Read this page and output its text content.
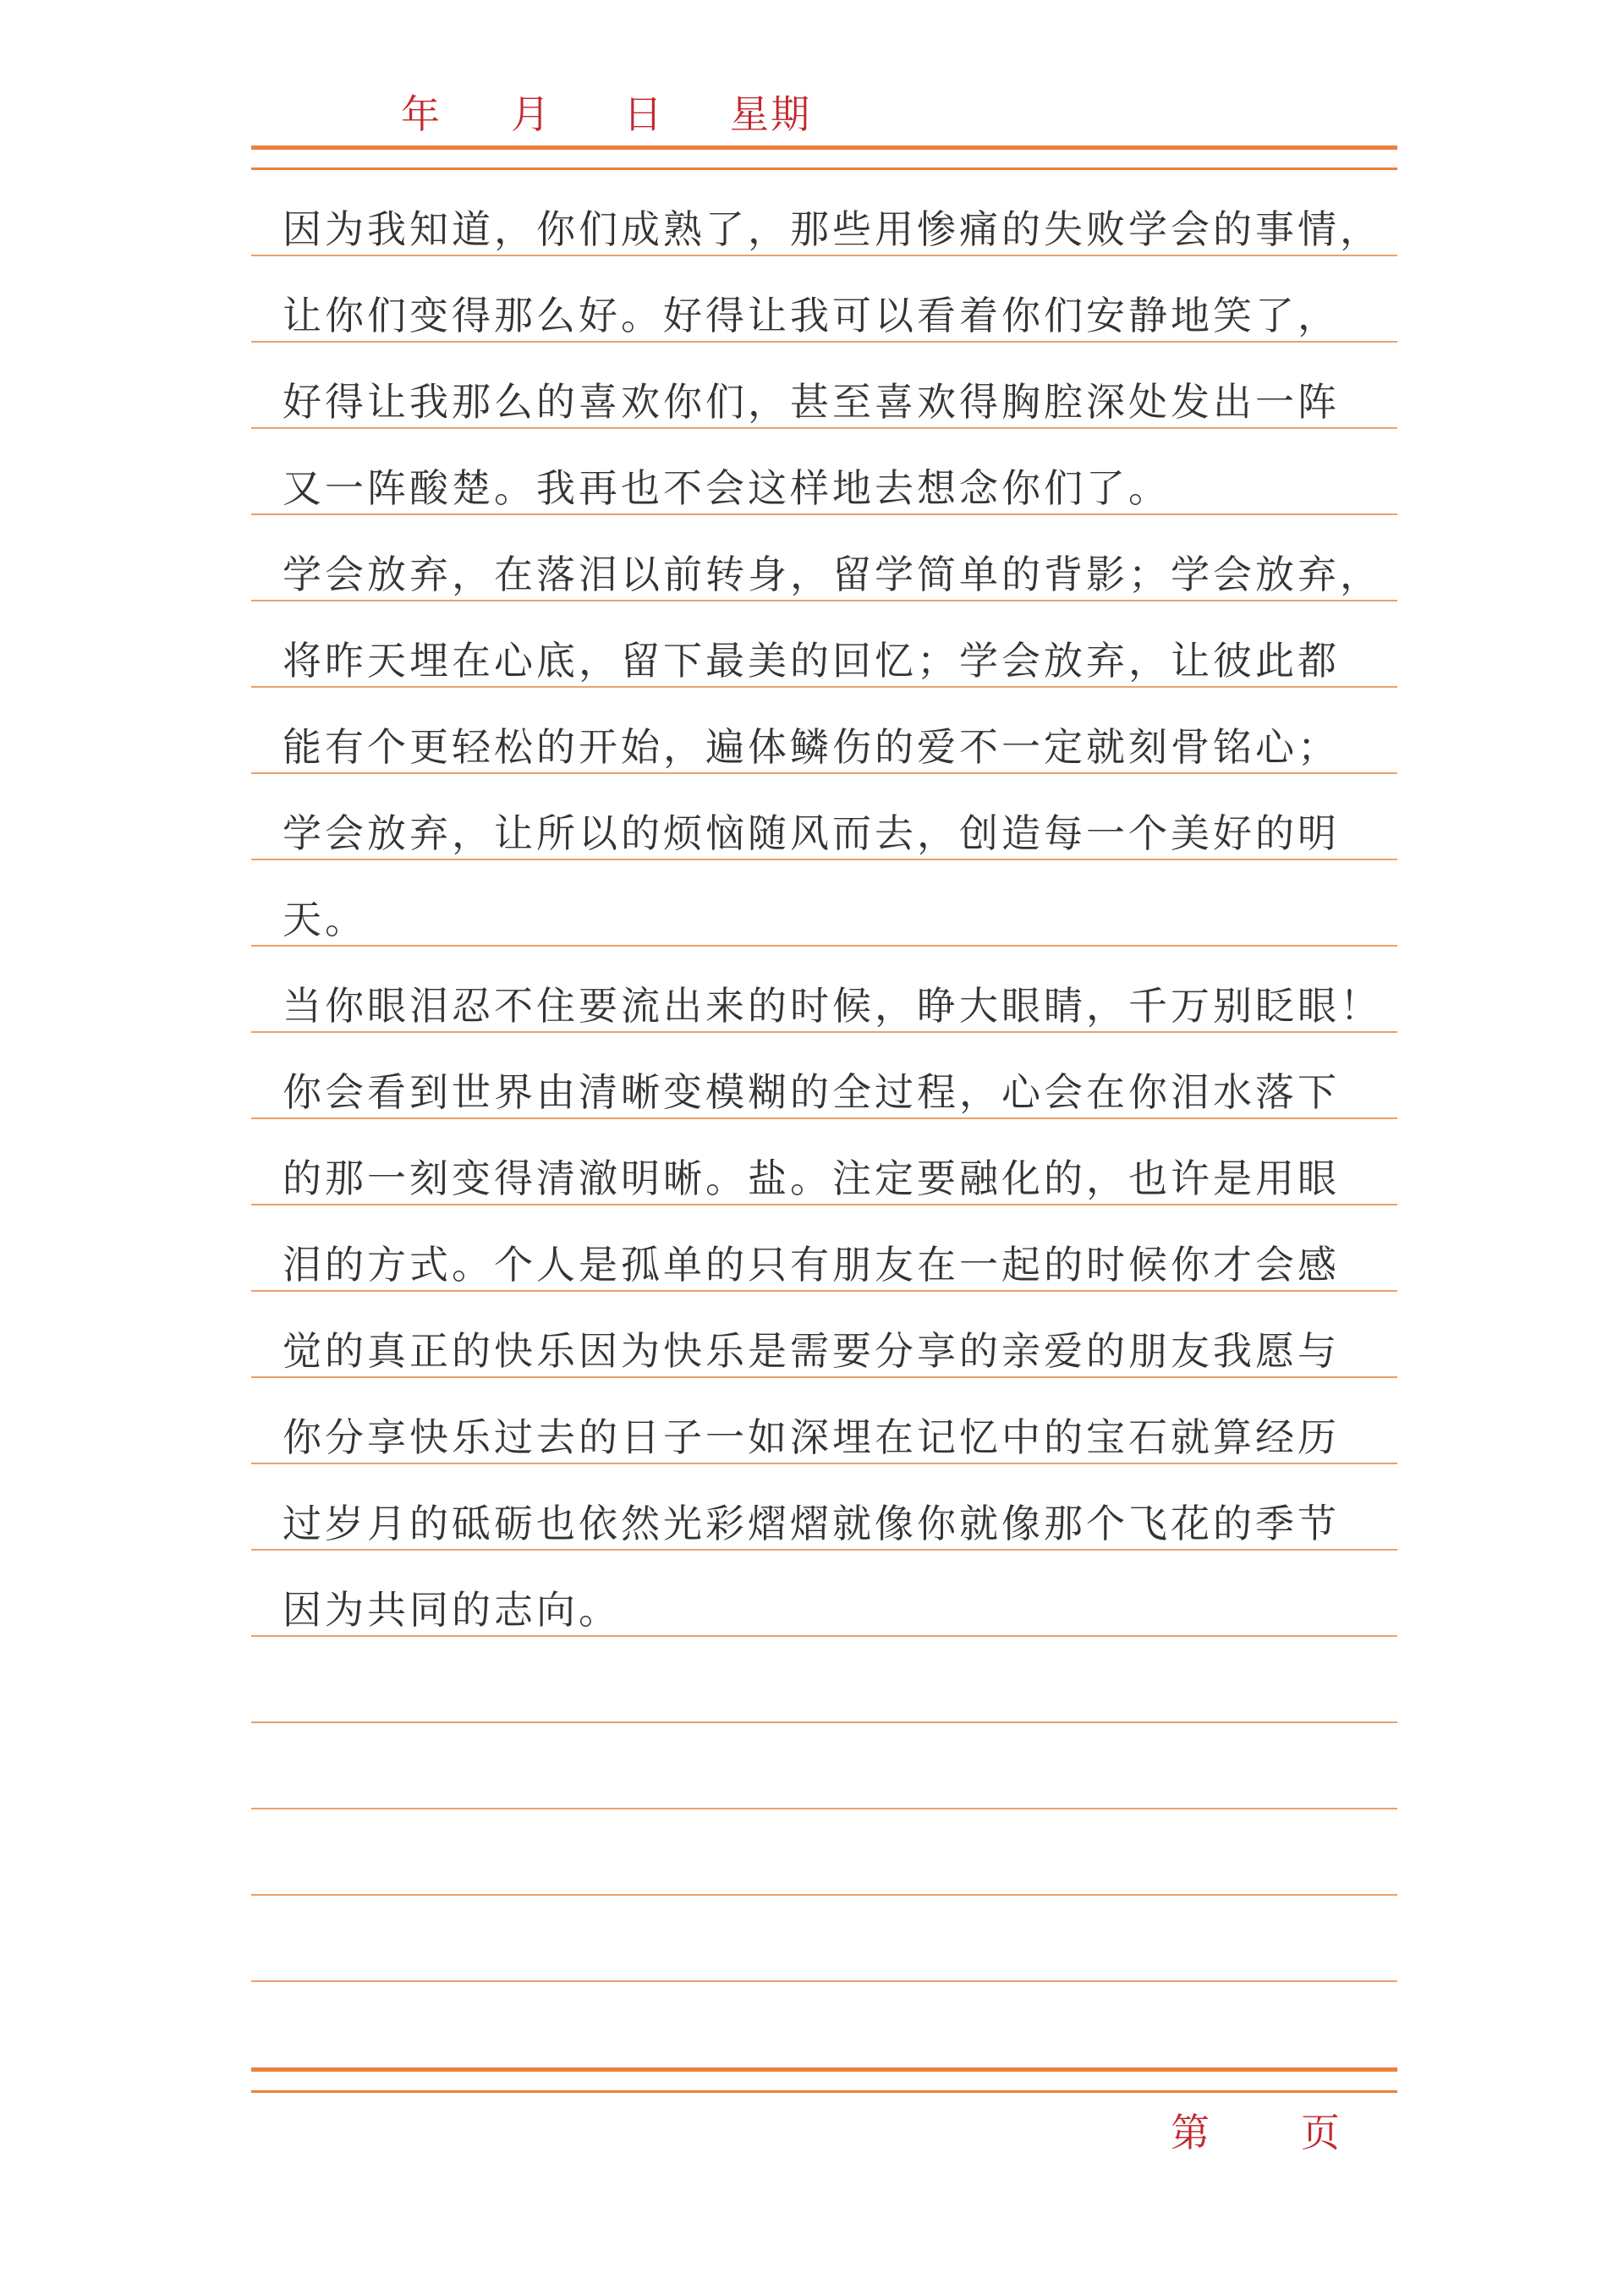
年 月 日 星期
因为我知道，你们成熟了，那些用惨痛的失败学会的事情，
让你们变得那么好。好得让我可以看着你们安静地笑了，
好得让我那么的喜欢你们，甚至喜欢得胸腔深处发出一阵
又一阵酸楚。我再也不会这样地去想念你们了。
学会放弃，在落泪以前转身，留学简单的背影；学会放弃，
将昨天埋在心底，留下最美的回忆；学会放弃，让彼此都
能有个更轻松的开始，遍体鳞伤的爱不一定就刻骨铭心；
学会放弃，让所以的烦恼随风而去，创造每一个美好的明
天。
当你眼泪忍不住要流出来的时候，睁大眼睛，千万别眨眼！
你会看到世界由清晰变模糊的全过程，心会在你泪水落下
的那一刻变得清澈明晰。盐。注定要融化的，也许是用眼
泪的方式。个人是孤单的只有朋友在一起的时候你才会感
觉的真正的快乐因为快乐是需要分享的亲爱的朋友我愿与
你分享快乐过去的日子一如深埋在记忆中的宝石就算经历
过岁月的砥砺也依然光彩熠熠就像你就像那个飞花的季节
因为共同的志向。
第 页
